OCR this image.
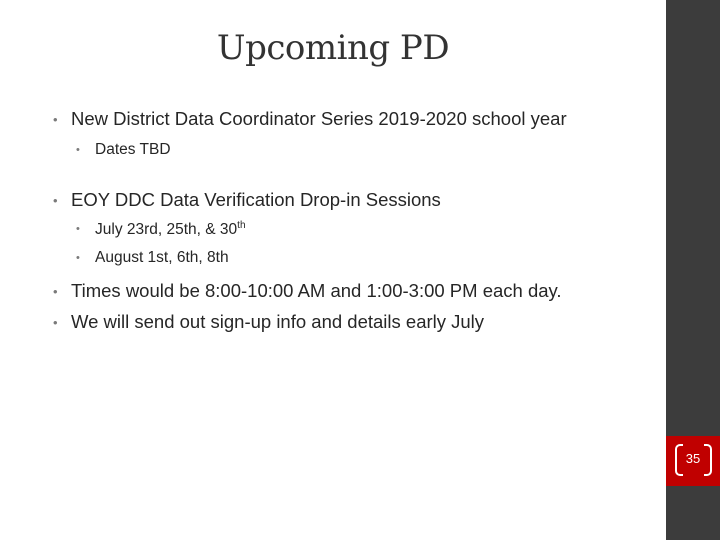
Upcoming PD
• New District Data Coordinator Series 2019-2020 school year
• Dates TBD
• EOY DDC Data Verification Drop-in Sessions
• July 23rd, 25th, & 30th
• August 1st, 6th, 8th
• Times would be 8:00-10:00 AM and 1:00-3:00 PM each day.
• We will send out sign-up info and details early July
35
